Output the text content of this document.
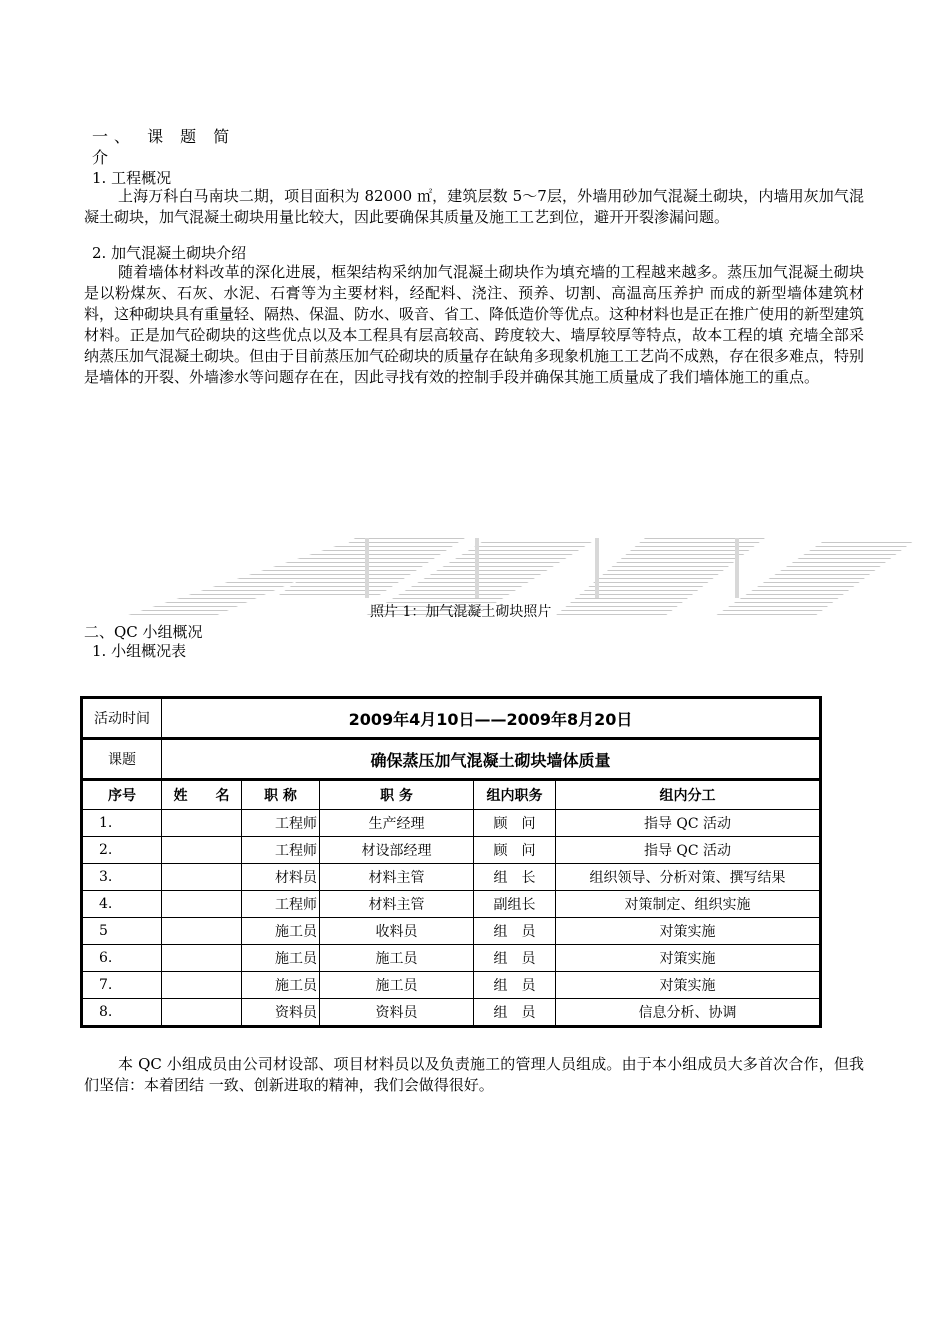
一、 课 题 简
介
1. 工程概况
上海万科白马南块二期，项目面积为 82000 ㎡，建筑层数 5～7层，外墙用砂加气混凝土砌块，内墙用灰加气混凝土砌块，加气混凝土砌块用量比较大，因此要确保其质量及施工工艺到位，避开开裂渗漏问题。
2. 加气混凝土砌块介绍
随着墙体材料改革的深化进展，框架结构采纳加气混凝土砌块作为填充墙的工程越来越多。蒸压加气混凝土砌块是以粉煤灰、石灰、水泥、石膏等为主要材料，经配料、浇注、预养、切割、高温高压养护 而成的新型墙体建筑材料，这种砌块具有重量轻、隔热、保温、防水、吸音、省工、降低造价等优点。这种材料也是正在推广使用的新型建筑材料。正是加气砼砌块的这些优点以及本工程具有层高较高、跨度较大、墙厚较厚等特点，故本工程的填 充墙全部采纳蒸压加气混凝土砌块。但由于目前蒸压加气砼砌块的质量存在缺角多现象机施工工艺尚不成熟，存在很多难点，特别是墙体的开裂、外墙渗水等问题存在在，因此寻找有效的控制手段并确保其施工质量成了我们墙体施工的重点。
照片 1：加气混凝土砌块照片
二、QC 小组概况
1. 小组概况表
活动时间	2009年4月10日——2009年8月20日				
课题	确保蒸压加气混凝土砌块墙体质量				
序号	姓　　名	职 称	职 务	组内职务	组内分工
1.		工程师	生产经理	顾　问	指导 QC 活动
2.		工程师	材设部经理	顾　问	指导 QC 活动
3.		材料员	材料主管	组　长	组织领导、分析对策、撰写结果
4.		工程师	材料主管	副组长	对策制定、组织实施
5		施工员	收料员	组　员	对策实施
6.		施工员	施工员	组　员	对策实施
7.		施工员	施工员	组　员	对策实施
8.		资料员	资料员	组　员	信息分析、协调
本 QC 小组成员由公司材设部、项目材料员以及负责施工的管理人员组成。由于本小组成员大多首次合作，但我们坚信：本着团结 一致、创新进取的精神，我们会做得很好。
